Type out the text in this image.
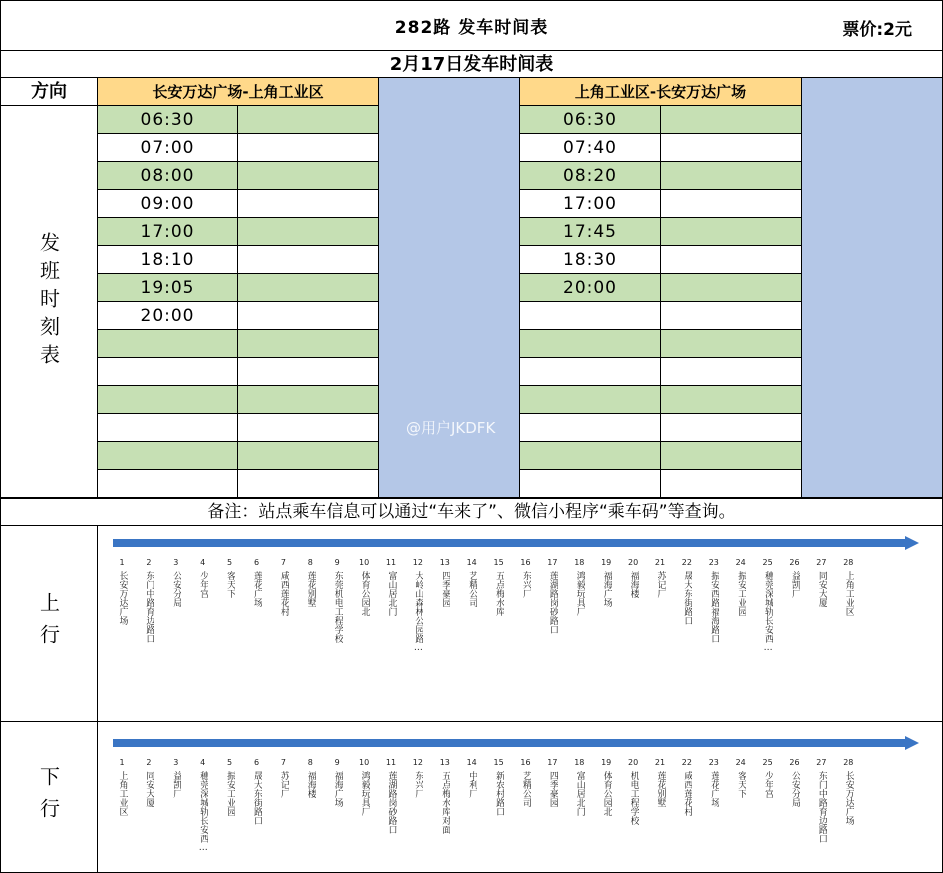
282路 发车时间表	票价:2元
2月17日发车时间表
方向	长安万达广场-上角工业区	上角工业区-长安万达广场
发班时刻表
06:30	06:30
07:00	07:40
08:00	08:20
09:00	17:00
17:00	17:45
18:10	18:30
19:05	20:00
20:00
@用户JKDFK
备注：站点乘车信息可以通过“车来了”、微信小程序“乘车码”等查询。
上行
1
长安万达广场
2
东门中路育边路口
3
公安分局
4
少年宫
5
客天下
6
莲花广场
7
咸西莲花村
8
莲花别墅
9
东莞机电工程学校
10
体育公园北
11
富山居北门
12
大岭山森林公园路…
13
四季豪园
14
艺精公司
15
五点梅水库
16
东兴厂
17
莲湖路岗砂路口
18
鸿毅玩具厂
19
福海广场
20
福海楼
21
苏记厂
22
晟大东街路口
23
振安西路福海路口
24
振安工业园
25
穗莞深城轨长安西…
26
益凯厂
27
同安大厦
28
上角工业区
下行
1
上角工业区
2
同安大厦
3
益凯厂
4
穗莞深城轨长安西…
5
振安工业园
6
晟大东街路口
7
苏记厂
8
福海楼
9
福海广场
10
鸿毅玩具厂
11
莲湖路岗砂路口
12
东兴厂
13
五点梅水库对面
14
中利厂
15
新农村路口
16
艺精公司
17
四季豪园
18
富山居北门
19
体育公园北
20
机电工程学校
21
莲花别墅
22
咸西莲花村
23
莲花广场
24
客天下
25
少年宫
26
公安分局
27
东门中路育边路口
28
长安万达广场
